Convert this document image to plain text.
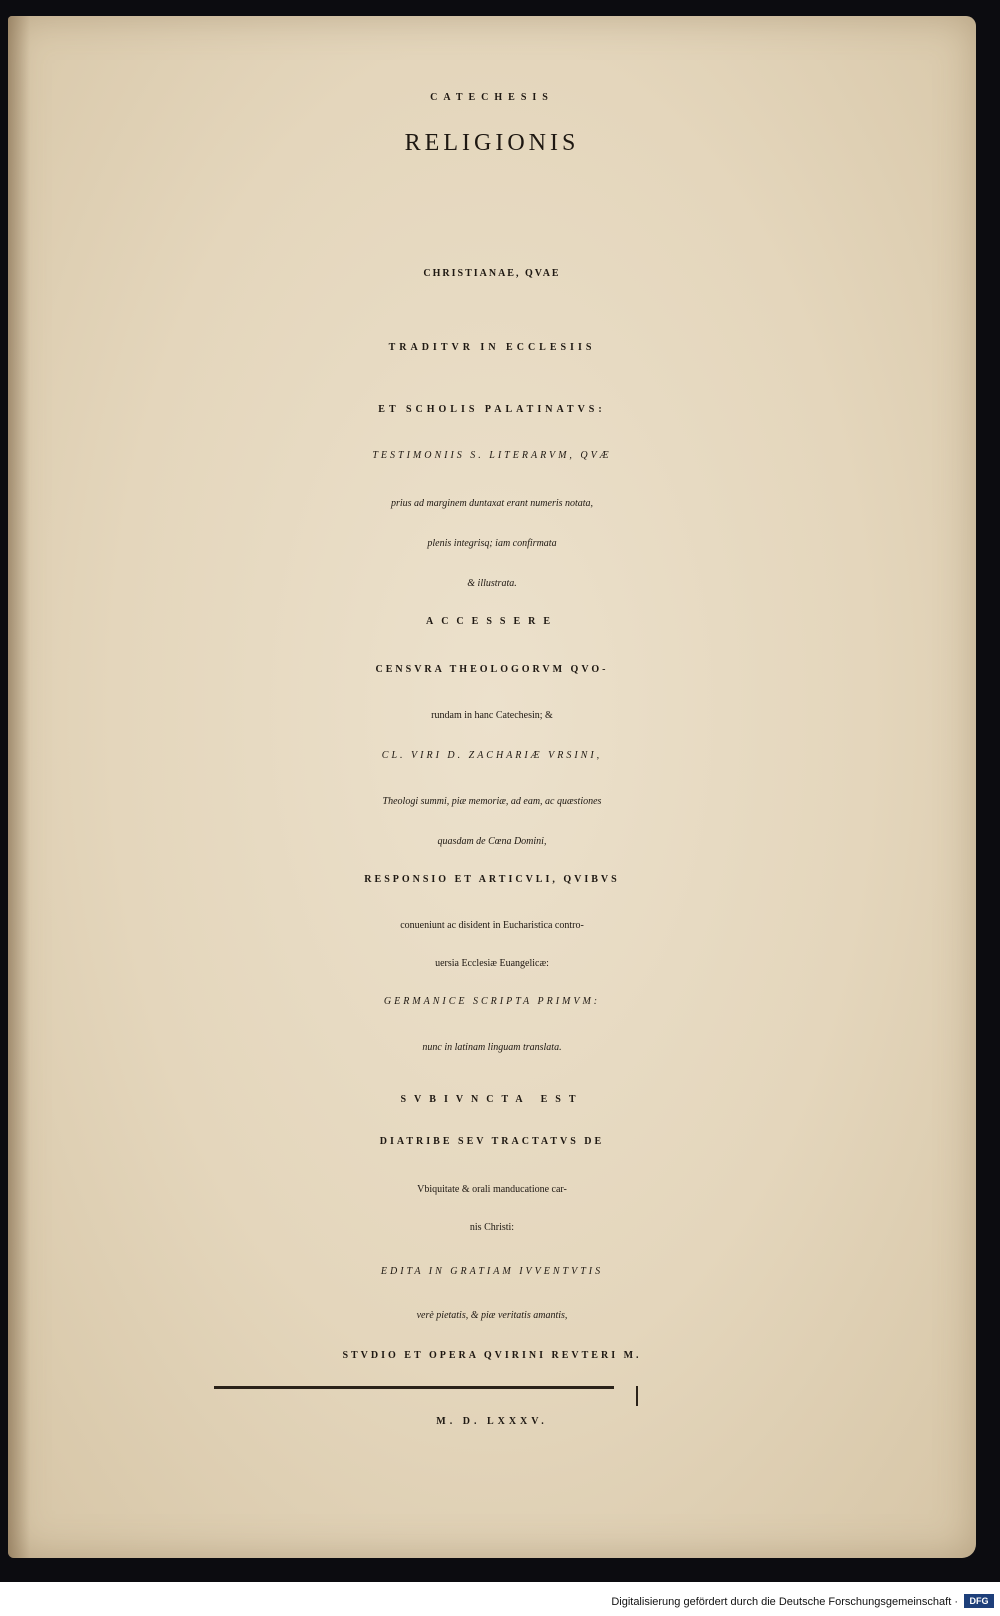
CATECHESIS

RELIGIONIS

CHRISTIANAE, QVAE

TRADITVR IN ECCLESIIS

ET SCHOLIS PALATINATVS:

TESTIMONIIS S. LITERARVM, QVÆ

prius ad marginem duntaxat erant numeris notata,

plenis integrisq; iam confirmata

& illustrata.

ACCESSERE

CENSVRA THEOLOGORVM QVO-

rundam in hanc Catechesin; &

CL. VIRI D. ZACHARIÆ VRSINI,

Theologi summi, piæ memoriæ, ad eam, ac quæstiones

quasdam de Cœna Domini,

RESPONSIO ET ARTICVLI, QVIBVS

conueniunt ac disident in Eucharistica contro-

uersia Ecclesiæ Euangelicæ:

GERMANICE SCRIPTA PRIMVM:

nunc in latinam linguam translata.

SVBIVNCTA EST

DIATRIBE SEV TRACTATVS DE

Vbiquitate & orali manducatione car-

nis Christi:

EDITA IN GRATIAM IVVENTVTIS

verè pietatis, & piæ veritatis amantis,

STVDIO ET OPERA QVIRINI REVTERI M.

M. D. LXXXV.

Digitalisierung gefördert durch die Deutsche Forschungsgemeinschaft ·	DFG
